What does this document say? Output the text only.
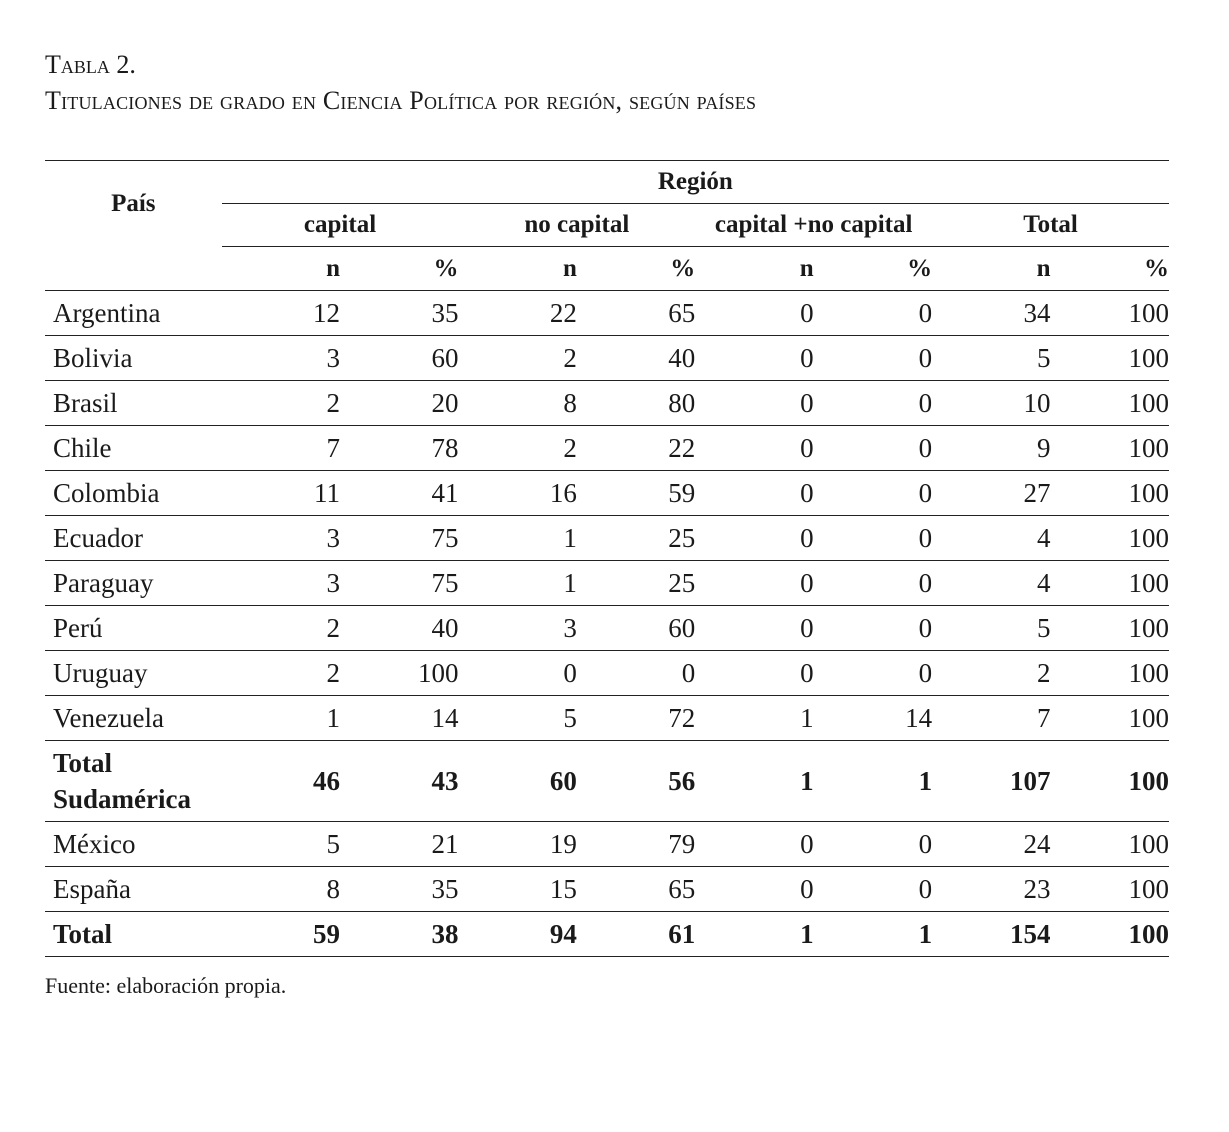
Tabla 2.

Titulaciones de grado en Ciencia Política por región, según países

País	Región							
	capital		no capital		capital +no capital		Total	
	n	%	n	%	n	%	n	%
Argentina	12	35	22	65	0	0	34	100
Bolivia	3	60	2	40	0	0	5	100
Brasil	2	20	8	80	0	0	10	100
Chile	7	78	2	22	0	0	9	100
Colombia	11	41	16	59	0	0	27	100
Ecuador	3	75	1	25	0	0	4	100
Paraguay	3	75	1	25	0	0	4	100
Perú	2	40	3	60	0	0	5	100
Uruguay	2	100	0	0	0	0	2	100
Venezuela	1	14	5	72	1	14	7	100
Total Sudamérica	46	43	60	56	1	1	107	100
México	5	21	19	79	0	0	24	100
España	8	35	15	65	0	0	23	100
Total	59	38	94	61	1	1	154	100

Fuente: elaboración propia.
